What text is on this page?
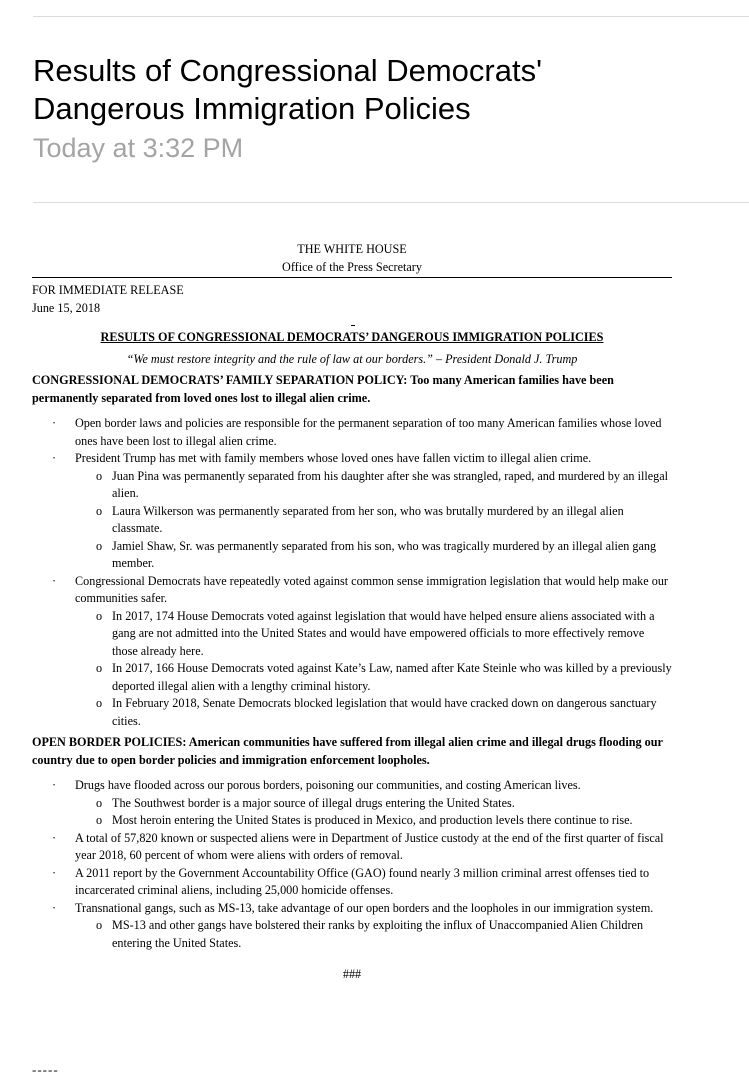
Results of Congressional Democrats'
Dangerous Immigration Policies
Today at 3:32 PM
THE WHITE HOUSE
Office of the Press Secretary
FOR IMMEDIATE RELEASE
June 15, 2018
RESULTS OF CONGRESSIONAL DEMOCRATS’ DANGEROUS IMMIGRATION POLICIES
“We must restore integrity and the rule of law at our borders.” – President Donald J. Trump
CONGRESSIONAL DEMOCRATS’ FAMILY SEPARATION POLICY: Too many American families have been permanently separated from loved ones lost to illegal alien crime.
· Open border laws and policies are responsible for the permanent separation of too many American families whose loved ones have been lost to illegal alien crime.
· President Trump has met with family members whose loved ones have fallen victim to illegal alien crime.
o Juan Pina was permanently separated from his daughter after she was strangled, raped, and murdered by an illegal alien.
o Laura Wilkerson was permanently separated from her son, who was brutally murdered by an illegal alien classmate.
o Jamiel Shaw, Sr. was permanently separated from his son, who was tragically murdered by an illegal alien gang member.
· Congressional Democrats have repeatedly voted against common sense immigration legislation that would help make our communities safer.
o In 2017, 174 House Democrats voted against legislation that would have helped ensure aliens associated with a gang are not admitted into the United States and would have empowered officials to more effectively remove those already here.
o In 2017, 166 House Democrats voted against Kate’s Law, named after Kate Steinle who was killed by a previously deported illegal alien with a lengthy criminal history.
o In February 2018, Senate Democrats blocked legislation that would have cracked down on dangerous sanctuary cities.
OPEN BORDER POLICIES: American communities have suffered from illegal alien crime and illegal drugs flooding our country due to open border policies and immigration enforcement loopholes.
· Drugs have flooded across our porous borders, poisoning our communities, and costing American lives.
o The Southwest border is a major source of illegal drugs entering the United States.
o Most heroin entering the United States is produced in Mexico, and production levels there continue to rise.
· A total of 57,820 known or suspected aliens were in Department of Justice custody at the end of the first quarter of fiscal year 2018, 60 percent of whom were aliens with orders of removal.
· A 2011 report by the Government Accountability Office (GAO) found nearly 3 million criminal arrest offenses tied to incarcerated criminal aliens, including 25,000 homicide offenses.
· Transnational gangs, such as MS-13, take advantage of our open borders and the loopholes in our immigration system.
o MS-13 and other gangs have bolstered their ranks by exploiting the influx of Unaccompanied Alien Children entering the United States.
###
-----
